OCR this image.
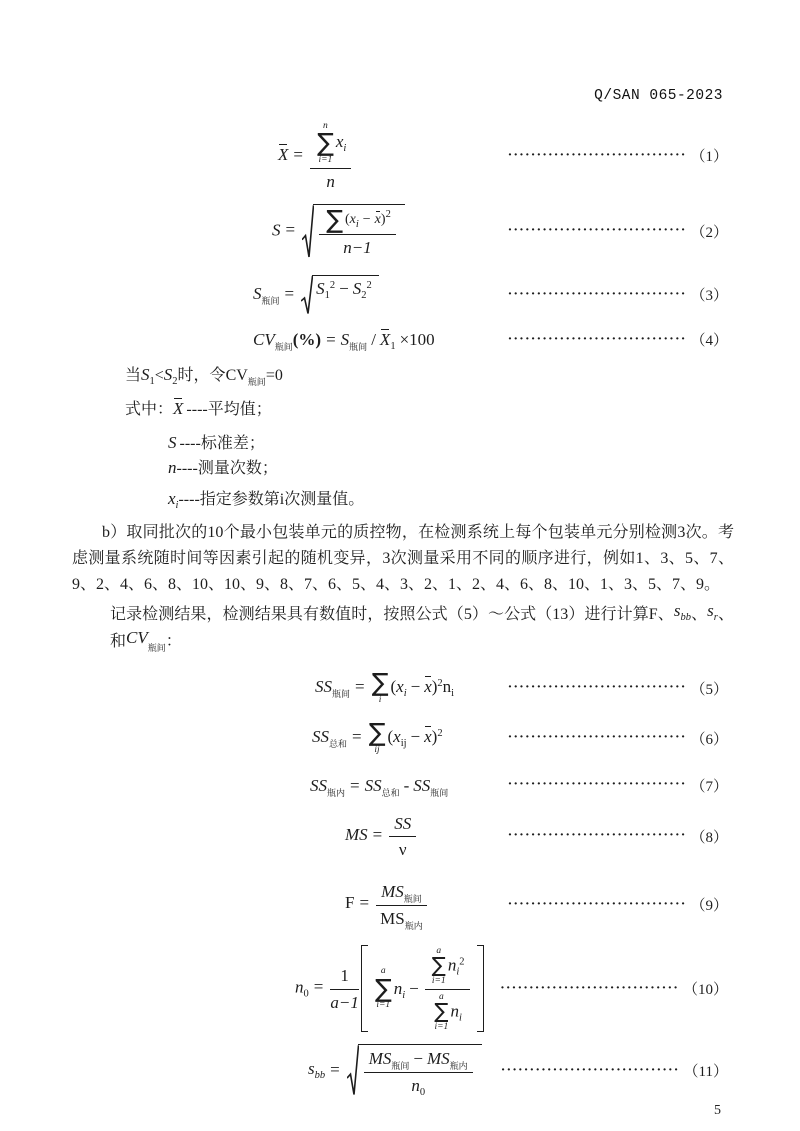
Q/SAN 065-2023
X = n
∑
i=1
$x_i$
n	······························· （1）
$S = \frac{\sum (x_i - x)^2}{n-1}$	······························· （2）
$S_{瓶间} = S_1^2 - S_2^2$
······························· （3）
$CV_{瓶间}(\%) = S_{瓶间} / X_1 \times 100$	······························· （4）
当$S_1<S_2$时，令$CV_{瓶间}=0$
式中：X ----平均值；
S ----标准差；
n----测量次数；
$x_i----$指定参数第i次测量值。
b）取同批次的10个最小包装单元的质控物，在检测系统上每个包装单元分别检测3次。考虑测量系统随时间等因素引起的随机变异，3次测量采用不同的顺序进行，例如1、3、5、7、9、2、4、6、8、10、10、9、8、7、6、5、4、3、2、1、2、4、6、8、10、1、3、5、7、9。
记录检测结果，检测结果具有数值时，按照公式（5）～公式（13）进行计算F、$s_{bb}$、$s_r$、和$CV_{瓶间}$：
$SS_{瓶间}$ = ∑
i
$(x_i - x)^2n_i$	······························· （5）
$SS_{总和}$ = ∑
ij
$(x_{ij} - x)^2$	······························· （6）
$SS_{瓶内} = SS_{总和} - SS_{瓶间}$
······························· （7）
MS = $\frac{SS}{\nu}$	······························· （8）
$F = \frac{MS_{瓶间}}{MS_{瓶内}}$	······························· （9）
$n_0 = \frac{1}{a-1}$ a
∑
i=1
$n_i - a$
∑
i=1
$n_i^2$
a
∑
i=1
$n_i$ ······························· （10）
$s_{bb} = \frac{MS_{瓶间} - MS_{瓶内}}{n_0}$ ······························· （11）
5
